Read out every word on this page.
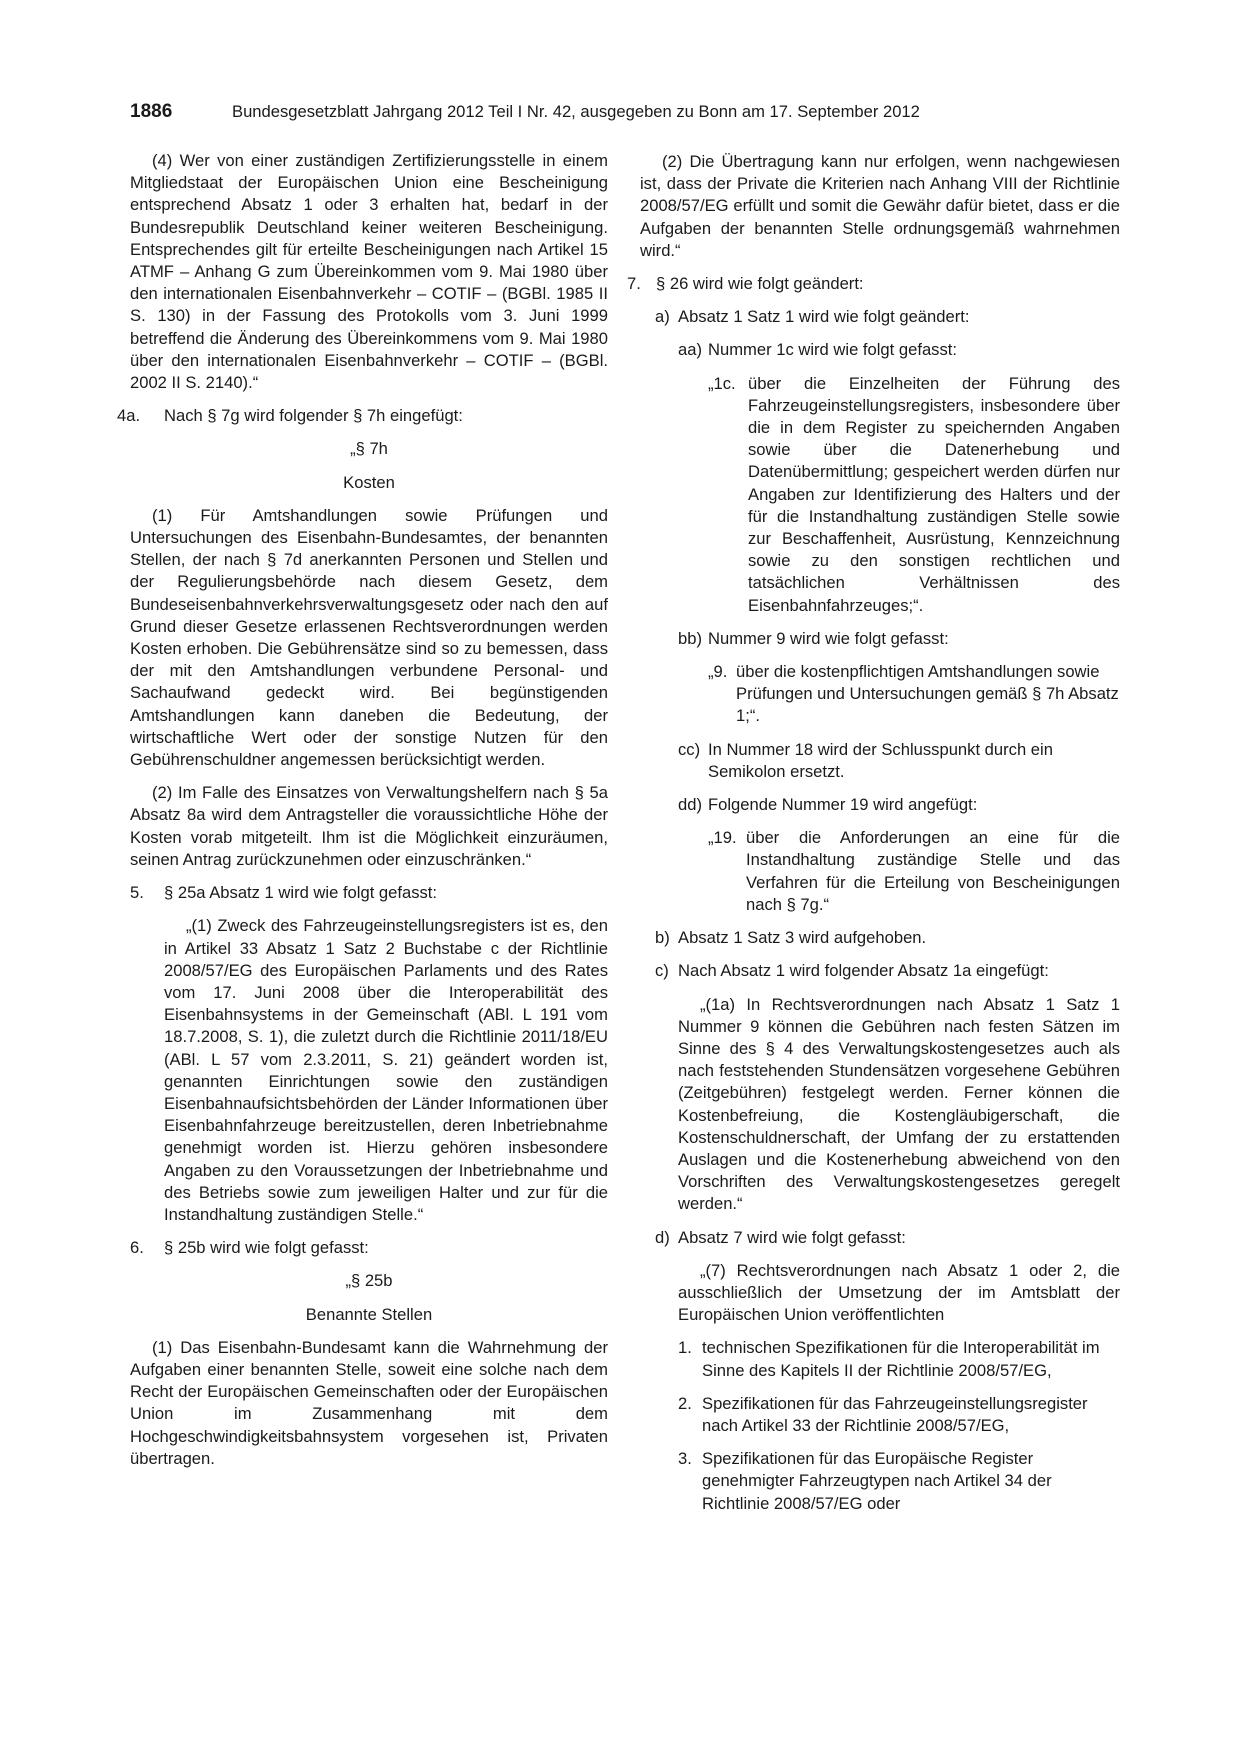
1886	Bundesgesetzblatt Jahrgang 2012 Teil I Nr. 42, ausgegeben zu Bonn am 17. September 2012

(4) Wer von einer zuständigen Zertifizierungsstelle in einem Mitgliedstaat der Europäischen Union eine Bescheinigung entsprechend Absatz 1 oder 3 erhalten hat, bedarf in der Bundesrepublik Deutschland keiner weiteren Bescheinigung. Entsprechendes gilt für erteilte Bescheinigungen nach Artikel 15 ATMF – Anhang G zum Übereinkommen vom 9. Mai 1980 über den internationalen Eisenbahnverkehr – COTIF – (BGBl. 1985 II S. 130) in der Fassung des Protokolls vom 3. Juni 1999 betreffend die Änderung des Übereinkommens vom 9. Mai 1980 über den internationalen Eisenbahnverkehr – COTIF – (BGBl. 2002 II S. 2140).“

4a. Nach § 7g wird folgender § 7h eingefügt:

„§ 7h

Kosten

(1) Für Amtshandlungen sowie Prüfungen und Untersuchungen des Eisenbahn-Bundesamtes, der benannten Stellen, der nach § 7d anerkannten Personen und Stellen und der Regulierungsbehörde nach diesem Gesetz, dem Bundeseisenbahnverkehrsverwaltungsgesetz oder nach den auf Grund dieser Gesetze erlassenen Rechtsverordnungen werden Kosten erhoben. Die Gebührensätze sind so zu bemessen, dass der mit den Amtshandlungen verbundene Personal- und Sachaufwand gedeckt wird. Bei begünstigenden Amtshandlungen kann daneben die Bedeutung, der wirtschaftliche Wert oder der sonstige Nutzen für den Gebührenschuldner angemessen berücksichtigt werden.

(2) Im Falle des Einsatzes von Verwaltungshelfern nach § 5a Absatz 8a wird dem Antragsteller die voraussichtliche Höhe der Kosten vorab mitgeteilt. Ihm ist die Möglichkeit einzuräumen, seinen Antrag zurückzunehmen oder einzuschränken.“

5. § 25a Absatz 1 wird wie folgt gefasst:

„(1) Zweck des Fahrzeugeinstellungsregisters ist es, den in Artikel 33 Absatz 1 Satz 2 Buchstabe c der Richtlinie 2008/57/EG des Europäischen Parlaments und des Rates vom 17. Juni 2008 über die Interoperabilität des Eisenbahnsystems in der Gemeinschaft (ABl. L 191 vom 18.7.2008, S. 1), die zuletzt durch die Richtlinie 2011/18/EU (ABl. L 57 vom 2.3.2011, S. 21) geändert worden ist, genannten Einrichtungen sowie den zuständigen Eisenbahnaufsichtsbehörden der Länder Informationen über Eisenbahnfahrzeuge bereitzustellen, deren Inbetriebnahme genehmigt worden ist. Hierzu gehören insbesondere Angaben zu den Voraussetzungen der Inbetriebnahme und des Betriebs sowie zum jeweiligen Halter und zur für die Instandhaltung zuständigen Stelle.“

6. § 25b wird wie folgt gefasst:

„§ 25b

Benannte Stellen

(1) Das Eisenbahn-Bundesamt kann die Wahrnehmung der Aufgaben einer benannten Stelle, soweit eine solche nach dem Recht der Europäischen Gemeinschaften oder der Europäischen Union im Zusammenhang mit dem Hochgeschwindigkeitsbahnsystem vorgesehen ist, Privaten übertragen.

(2) Die Übertragung kann nur erfolgen, wenn nachgewiesen ist, dass der Private die Kriterien nach Anhang VIII der Richtlinie 2008/57/EG erfüllt und somit die Gewähr dafür bietet, dass er die Aufgaben der benannten Stelle ordnungsgemäß wahrnehmen wird.“

7. § 26 wird wie folgt geändert:
a) Absatz 1 Satz 1 wird wie folgt geändert:
aa) Nummer 1c wird wie folgt gefasst:
„1c. über die Einzelheiten der Führung des Fahrzeugeinstellungsregisters, insbesondere über die in dem Register zu speichernden Angaben sowie über die Datenerhebung und Datenübermittlung; gespeichert werden dürfen nur Angaben zur Identifizierung des Halters und der für die Instandhaltung zuständigen Stelle sowie zur Beschaffenheit, Ausrüstung, Kennzeichnung sowie zu den sonstigen rechtlichen und tatsächlichen Verhältnissen des Eisenbahnfahrzeuges;“.
bb) Nummer 9 wird wie folgt gefasst:
„9. über die kostenpflichtigen Amtshandlungen sowie Prüfungen und Untersuchungen gemäß § 7h Absatz 1;“.
cc) In Nummer 18 wird der Schlusspunkt durch ein Semikolon ersetzt.
dd) Folgende Nummer 19 wird angefügt:
„19. über die Anforderungen an eine für die Instandhaltung zuständige Stelle und das Verfahren für die Erteilung von Bescheinigungen nach § 7g.“
b) Absatz 1 Satz 3 wird aufgehoben.
c) Nach Absatz 1 wird folgender Absatz 1a eingefügt:

„(1a) In Rechtsverordnungen nach Absatz 1 Satz 1 Nummer 9 können die Gebühren nach festen Sätzen im Sinne des § 4 des Verwaltungskostengesetzes auch als nach feststehenden Stundensätzen vorgesehene Gebühren (Zeitgebühren) festgelegt werden. Ferner können die Kostenbefreiung, die Kostengläubigerschaft, die Kostenschuldnerschaft, der Umfang der zu erstattenden Auslagen und die Kostenerhebung abweichend von den Vorschriften des Verwaltungskostengesetzes geregelt werden.“

d) Absatz 7 wird wie folgt gefasst:

„(7) Rechtsverordnungen nach Absatz 1 oder 2, die ausschließlich der Umsetzung der im Amtsblatt der Europäischen Union veröffentlichten

1. technischen Spezifikationen für die Interoperabilität im Sinne des Kapitels II der Richtlinie 2008/57/EG,
2. Spezifikationen für das Fahrzeugeinstellungsregister nach Artikel 33 der Richtlinie 2008/57/EG,
3. Spezifikationen für das Europäische Register genehmigter Fahrzeugtypen nach Artikel 34 der Richtlinie 2008/57/EG oder
